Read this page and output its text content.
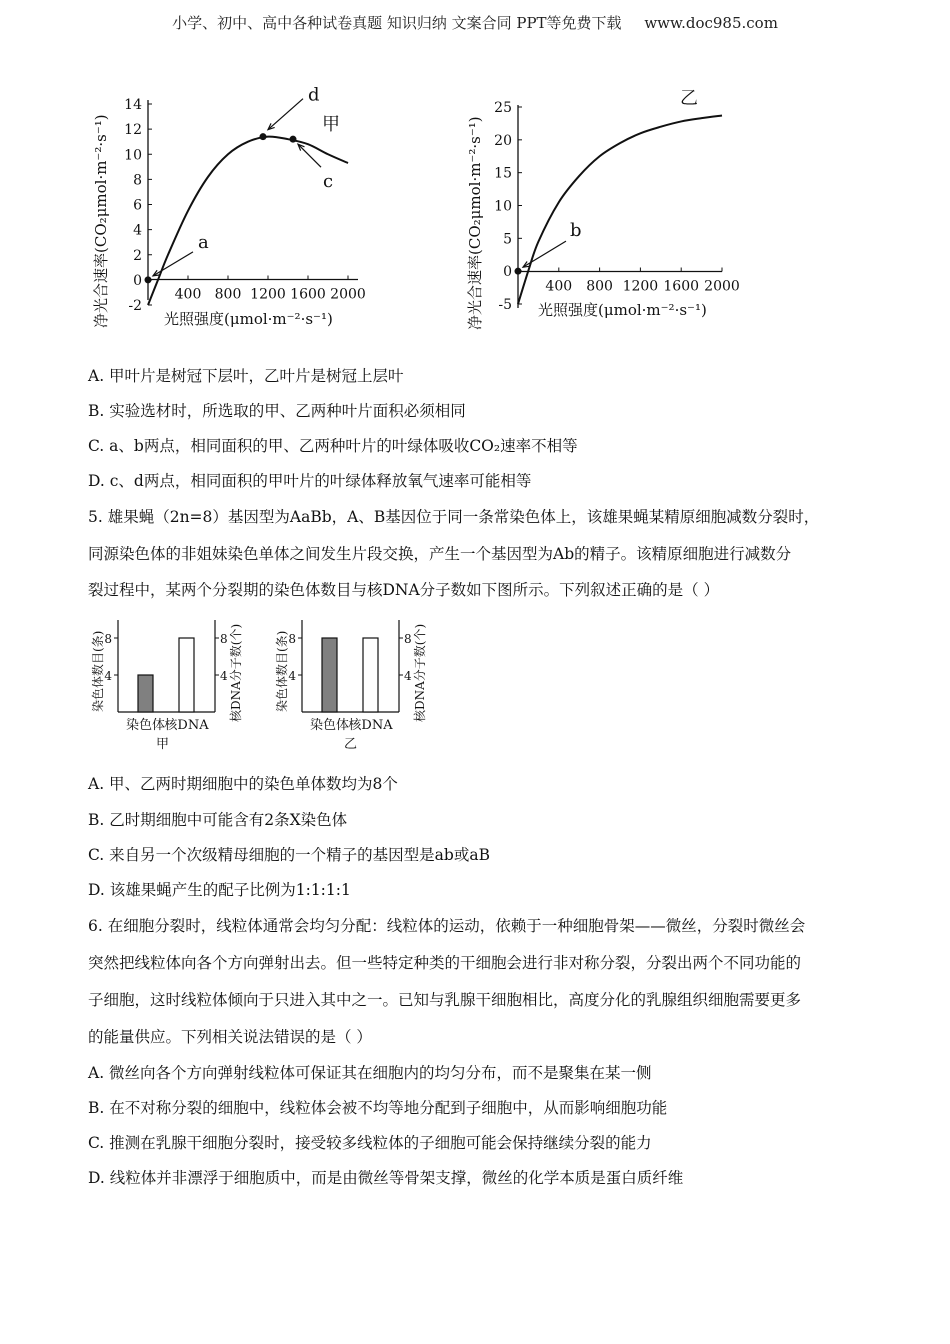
小学、初中、高中各种试卷真题 知识归纳 文案合同 PPT等免费下载 www.doc985.com
-2
0
2
4
6
8
10
12
14
400 800 1200 1600 2000
a
d
c
甲
光照强度(μmol·m⁻²·s⁻¹)
净光合速率(CO₂μmol·m⁻²·s⁻¹)	-5
0
5
10
15
20
25
400 800 1200 1600 2000
b
乙
光照强度(μmol·m⁻²·s⁻¹)
净光合速率(CO₂μmol·m⁻²·s⁻¹)
A. 甲叶片是树冠下层叶，乙叶片是树冠上层叶
B. 实验选材时，所选取的甲、乙两种叶片面积必须相同
C. a、b两点，相同面积的甲、乙两种叶片的叶绿体吸收CO₂速率不相等
D. c、d两点，相同面积的甲叶片的叶绿体释放氧气速率可能相等
5. 雄果蝇（2n=8）基因型为AaBb，A、B基因位于同一条常染色体上，该雄果蝇某精原细胞减数分裂时，
同源染色体的非姐妹染色单体之间发生片段交换，产生一个基因型为Ab的精子。该精原细胞进行减数分
裂过程中，某两个分裂期的染色体数目与核DNA分子数如下图所示。下列叙述正确的是（ ）
染色体数目(条)	核DNA分子数(个)
4	4
8	8
染色体 核DNA
甲
染色体数目(条)	核DNA分子数(个)
4	4
8	8
染色体 核DNA
乙
A. 甲、乙两时期细胞中的染色单体数均为8个
B. 乙时期细胞中可能含有2条X染色体
C. 来自另一个次级精母细胞的一个精子的基因型是ab或aB
D. 该雄果蝇产生的配子比例为1:1:1:1
6. 在细胞分裂时，线粒体通常会均匀分配：线粒体的运动，依赖于一种细胞骨架——微丝，分裂时微丝会
突然把线粒体向各个方向弹射出去。但一些特定种类的干细胞会进行非对称分裂，分裂出两个不同功能的
子细胞，这时线粒体倾向于只进入其中之一。已知与乳腺干细胞相比，高度分化的乳腺组织细胞需要更多
的能量供应。下列相关说法错误的是（ ）
A. 微丝向各个方向弹射线粒体可保证其在细胞内的均匀分布，而不是聚集在某一侧
B. 在不对称分裂的细胞中，线粒体会被不均等地分配到子细胞中，从而影响细胞功能
C. 推测在乳腺干细胞分裂时，接受较多线粒体的子细胞可能会保持继续分裂的能力
D. 线粒体并非漂浮于细胞质中，而是由微丝等骨架支撑，微丝的化学本质是蛋白质纤维
